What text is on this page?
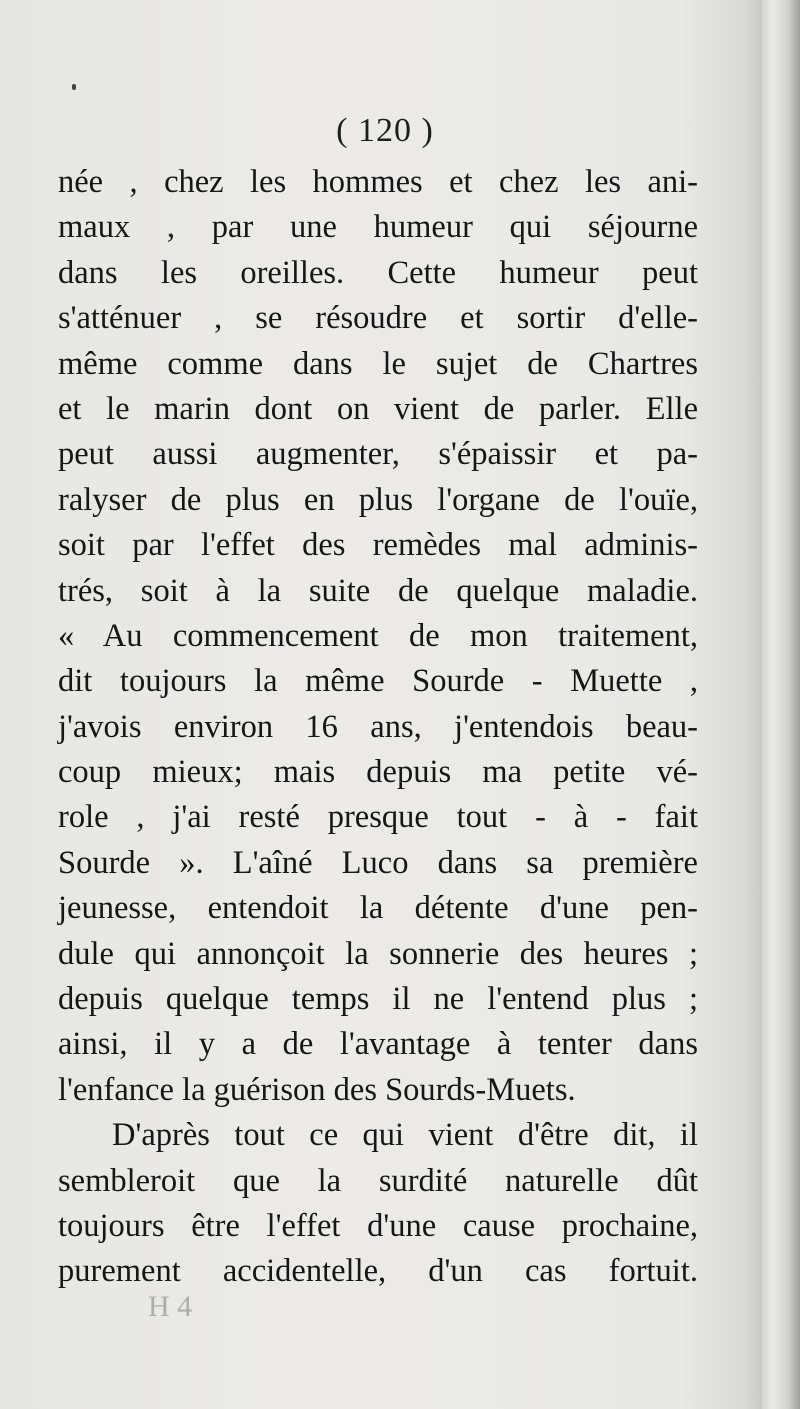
( 120 )
née , chez les hommes et chez les ani-
maux , par une humeur qui séjourne
dans les oreilles. Cette humeur peut
s'atténuer , se résoudre et sortir d'elle-
même comme dans le sujet de Chartres
et le marin dont on vient de parler. Elle
peut aussi augmenter, s'épaissir et pa-
ralyser de plus en plus l'organe de l'ouïe,
soit par l'effet des remèdes mal adminis-
trés, soit à la suite de quelque maladie.
« Au commencement de mon traitement,
dit toujours la même Sourde - Muette ,
j'avois environ 16 ans, j'entendois beau-
coup mieux; mais depuis ma petite vé-
role , j'ai resté presque tout - à - fait
Sourde ». L'aîné Luco dans sa première
jeunesse, entendoit la détente d'une pen-
dule qui annonçoit la sonnerie des heures ;
depuis quelque temps il ne l'entend plus ;
ainsi, il y a de l'avantage à tenter dans
l'enfance la guérison des Sourds-Muets.
D'après tout ce qui vient d'être dit, il
sembleroit que la surdité naturelle dût
toujours être l'effet d'une cause prochaine,
purement accidentelle, d'un cas fortuit.
H 4
